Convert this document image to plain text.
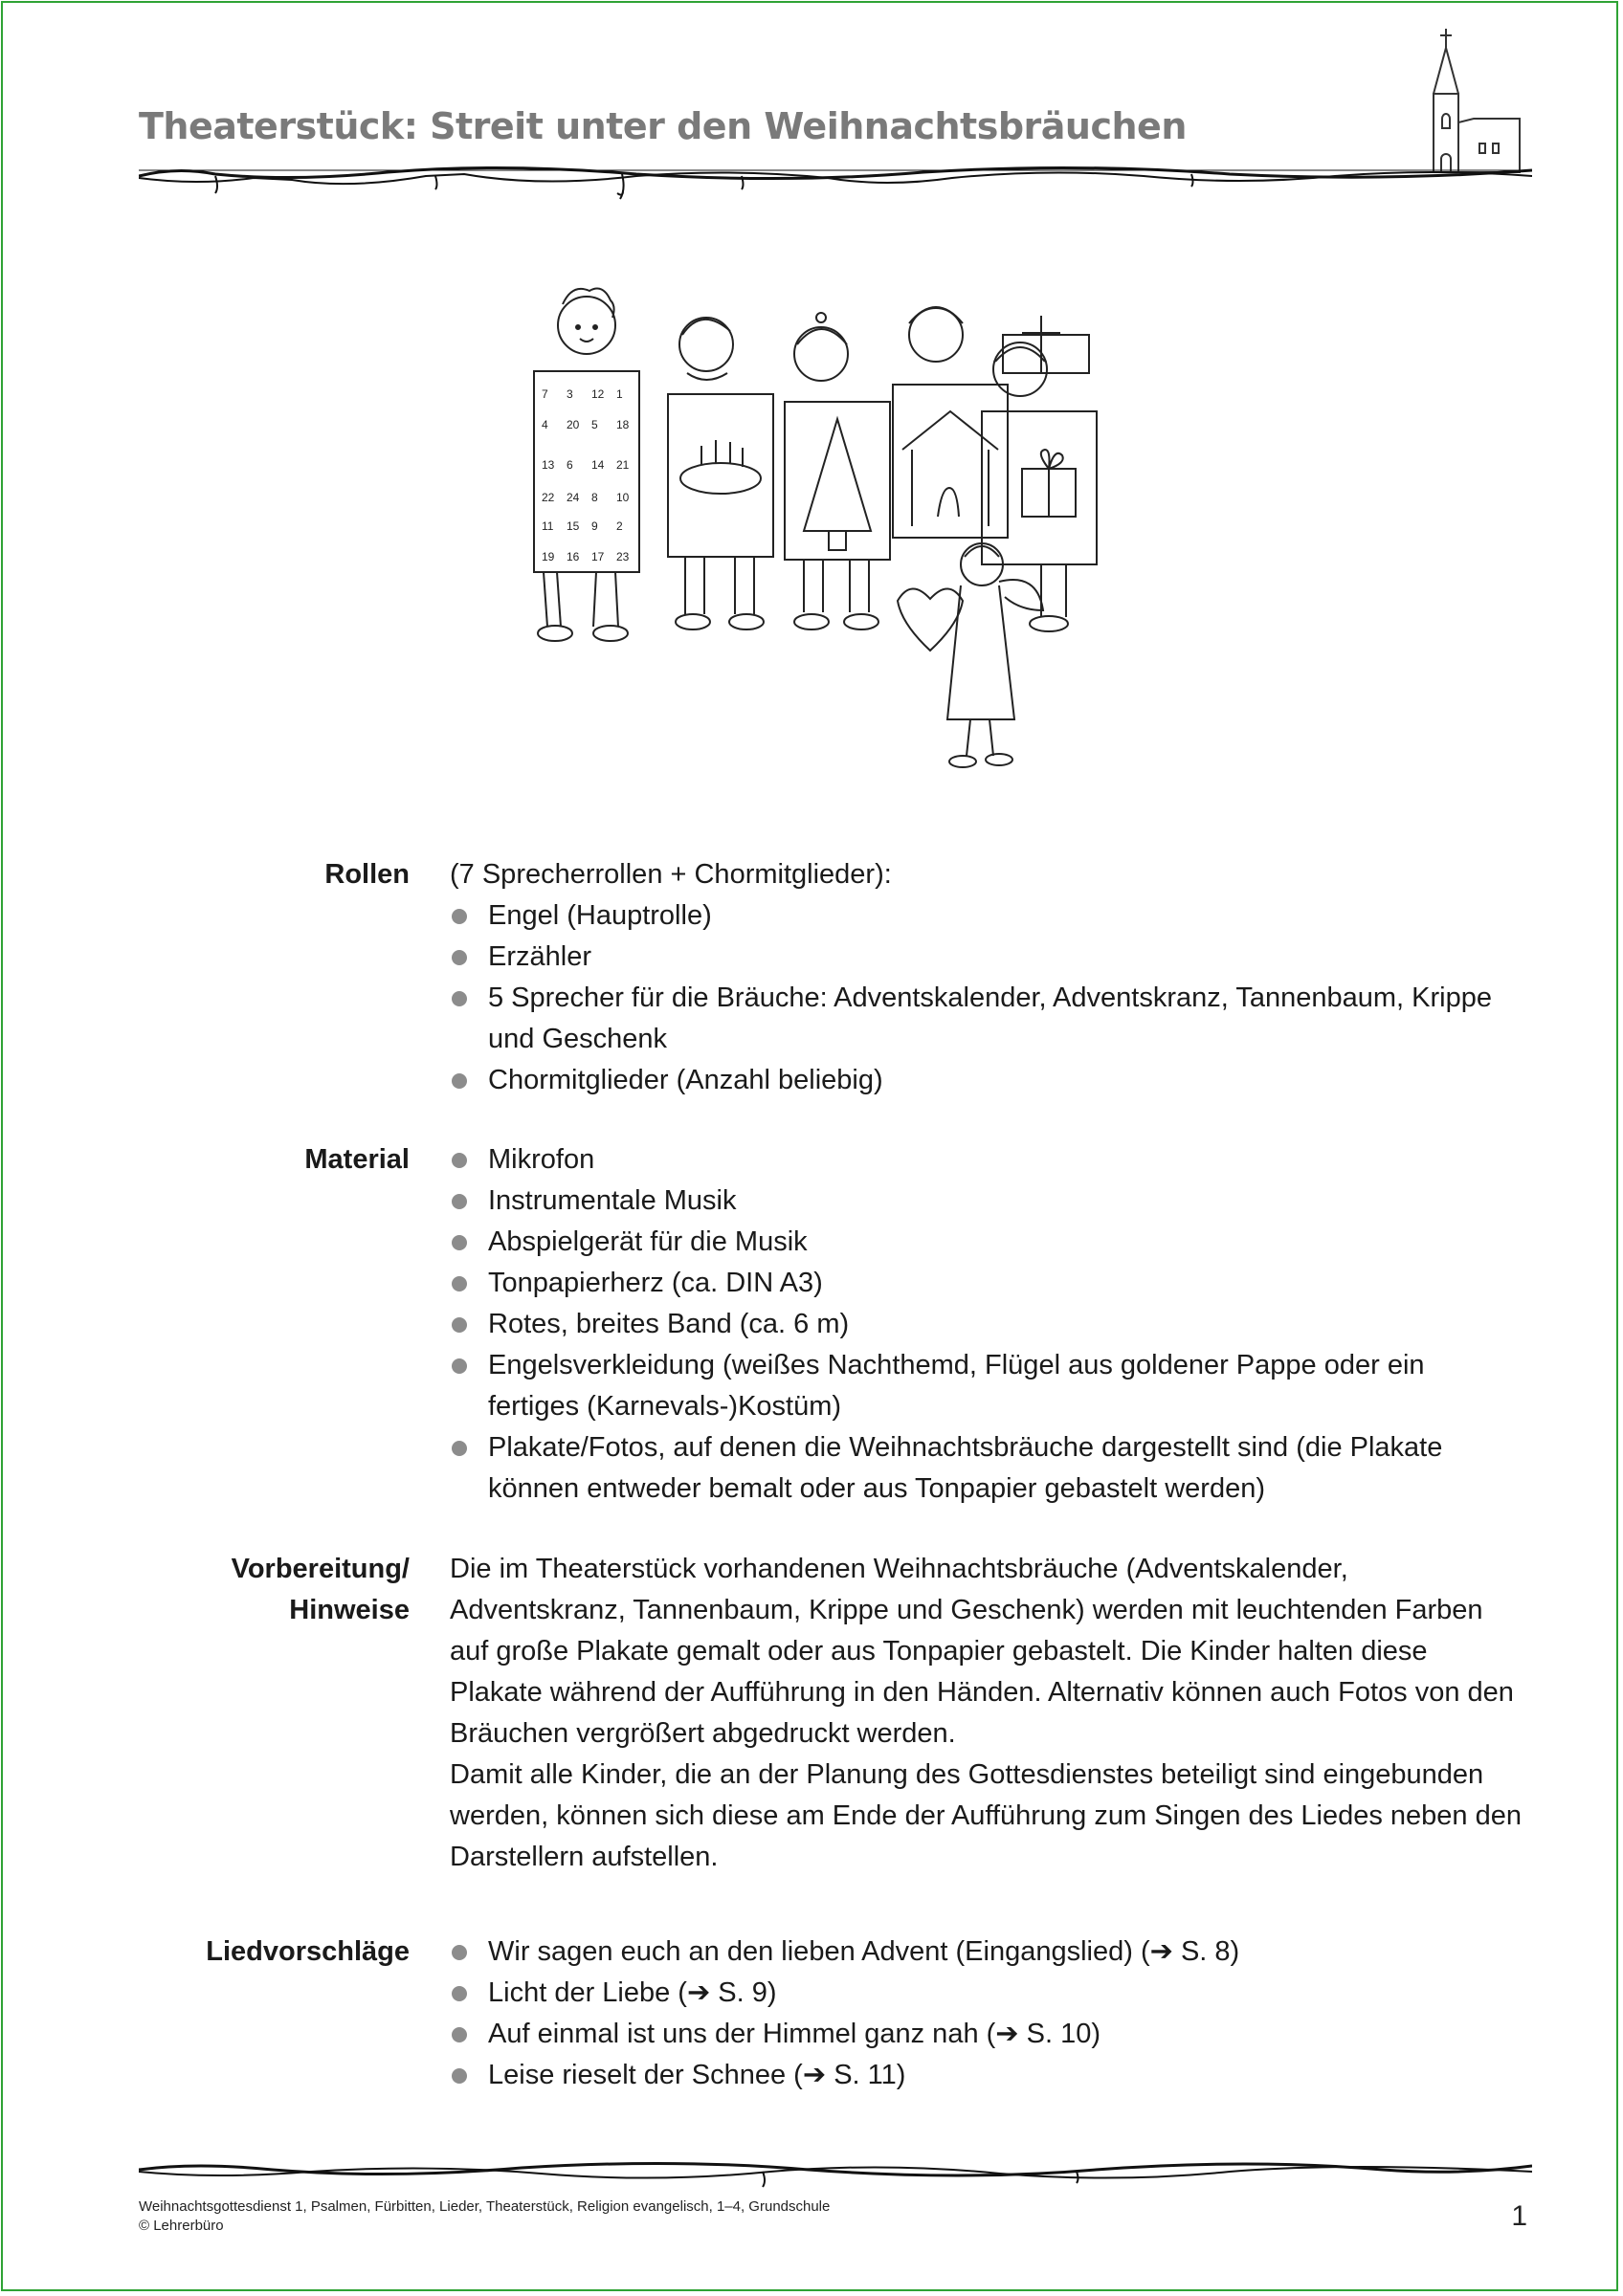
Theaterstück: Streit unter den Weihnachtsbräuchen
7 3 12 1
4 20 5 18
13 6 14 21
22 24 8 10
11 15 9 2
19 16 17 23
Rollen (7 Sprecherrollen + Chormitglieder):
Engel (Hauptrolle)
Erzähler
5 Sprecher für die Bräuche: Adventskalender, Adventskranz, Tannenbaum, Krippe und Geschenk
Chormitglieder (Anzahl beliebig)
Material	Mikrofon
Instrumentale Musik
Abspielgerät für die Musik
Tonpapierherz (ca. DIN A3)
Rotes, breites Band (ca. 6 m)
Engelsverkleidung (weißes Nachthemd, Flügel aus goldener Pappe oder ein fertiges (Karnevals-)Kostüm)
Plakate/Fotos, auf denen die Weihnachtsbräuche dargestellt sind (die Plakate können entweder bemalt oder aus Tonpapier gebastelt werden)
Vorbereitung/
Hinweise
Die im Theaterstück vorhandenen Weihnachtsbräuche (Adventskalender, Adventskranz, Tannenbaum, Krippe und Geschenk) werden mit leuchtenden Farben auf große Plakate gemalt oder aus Tonpapier gebastelt. Die Kinder halten diese Plakate während der Aufführung in den Händen. Alternativ können auch Fotos von den Bräuchen vergrößert abgedruckt werden.
Damit alle Kinder, die an der Planung des Gottesdienstes beteiligt sind eingebunden werden, können sich diese am Ende der Aufführung zum Singen des Liedes neben den Darstellern aufstellen.
Liedvorschläge	Wir sagen euch an den lieben Advent (Eingangslied) (➔ S. 8)
Licht der Liebe (➔ S. 9)
Auf einmal ist uns der Himmel ganz nah (➔ S. 10)
Leise rieselt der Schnee (➔ S. 11)
Weihnachtsgottesdienst 1, Psalmen, Fürbitten, Lieder, Theaterstück, Religion evangelisch, 1–4, Grundschule
© Lehrerbüro	1
